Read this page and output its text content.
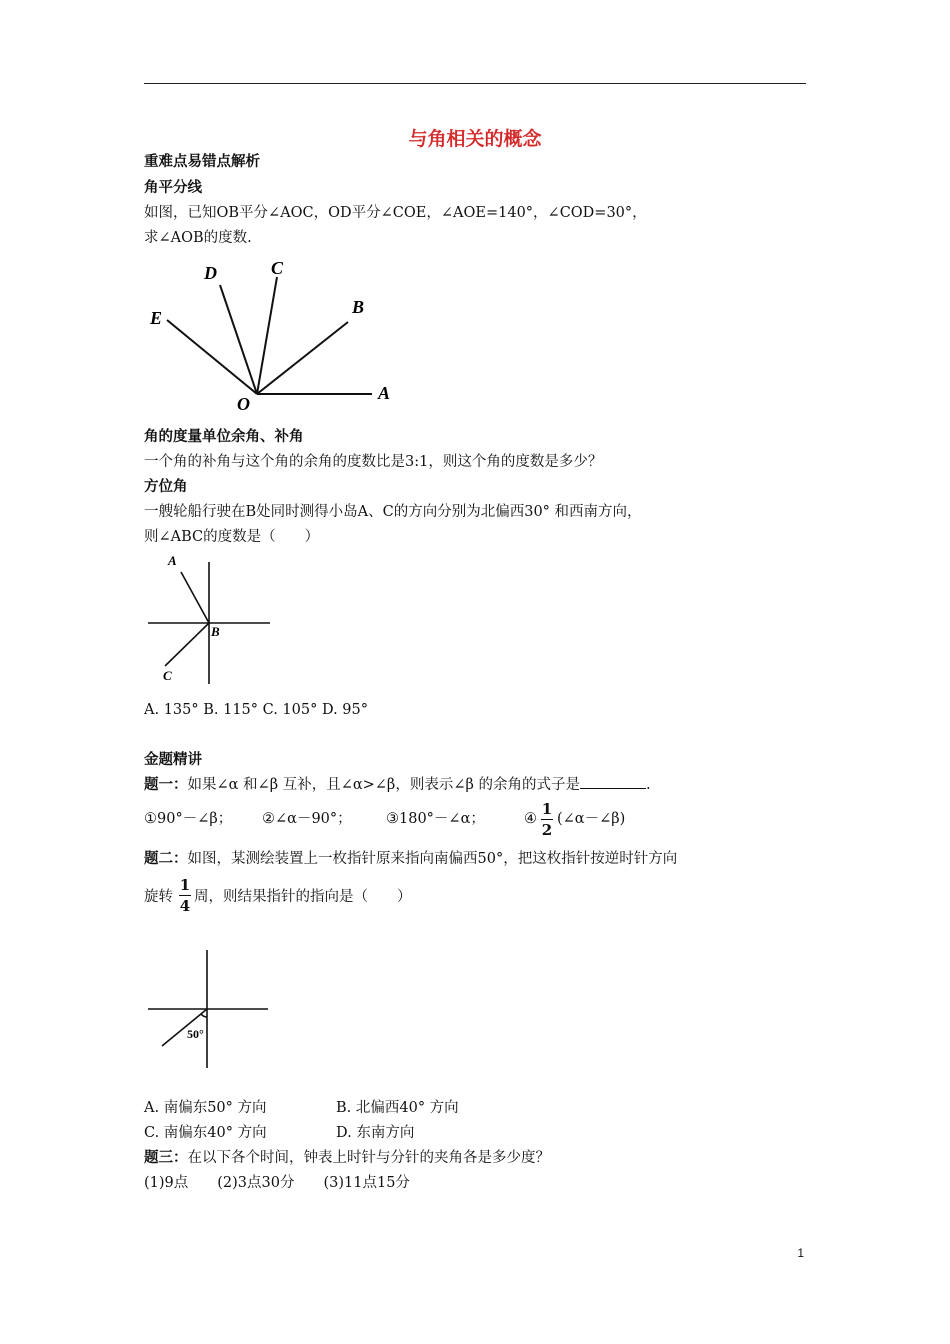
与角相关的概念
重难点易错点解析
角平分线
如图，已知OB平分∠AOC，OD平分∠COE，∠AOE=140°，∠COD=30°，
求∠AOB的度数.
D	C
B
E
O
A
角的度量单位余角、补角
一个角的补角与这个角的余角的度数比是3:1，则这个角的度数是多少？
方位角
一艘轮船行驶在B处同时测得小岛A、C的方向分别为北偏西30° 和西南方向，
则∠ABC的度数是（　　）
A
B
C
A. 135° B. 115° C. 105° D. 95°
金题精讲
题一：如果∠α 和∠β 互补，且∠α>∠β，则表示∠β 的余角的式子是	.
①90°－∠β； ②∠α－90°； ③180°－∠α；	④
1
2
(∠α－∠β)
题二：如图，某测绘装置上一枚指针原来指向南偏西50°，把这枚指针按逆时针方向
旋转
1
4 周，则结果指针的指向是（　　）
50°
A. 南偏东50° 方向	B. 北偏西40° 方向
C. 南偏东40° 方向	D. 东南方向
题三：在以下各个时间，钟表上时针与分针的夹角各是多少度？
(1)9点　　(2)3点30分　　(3)11点15分
1
